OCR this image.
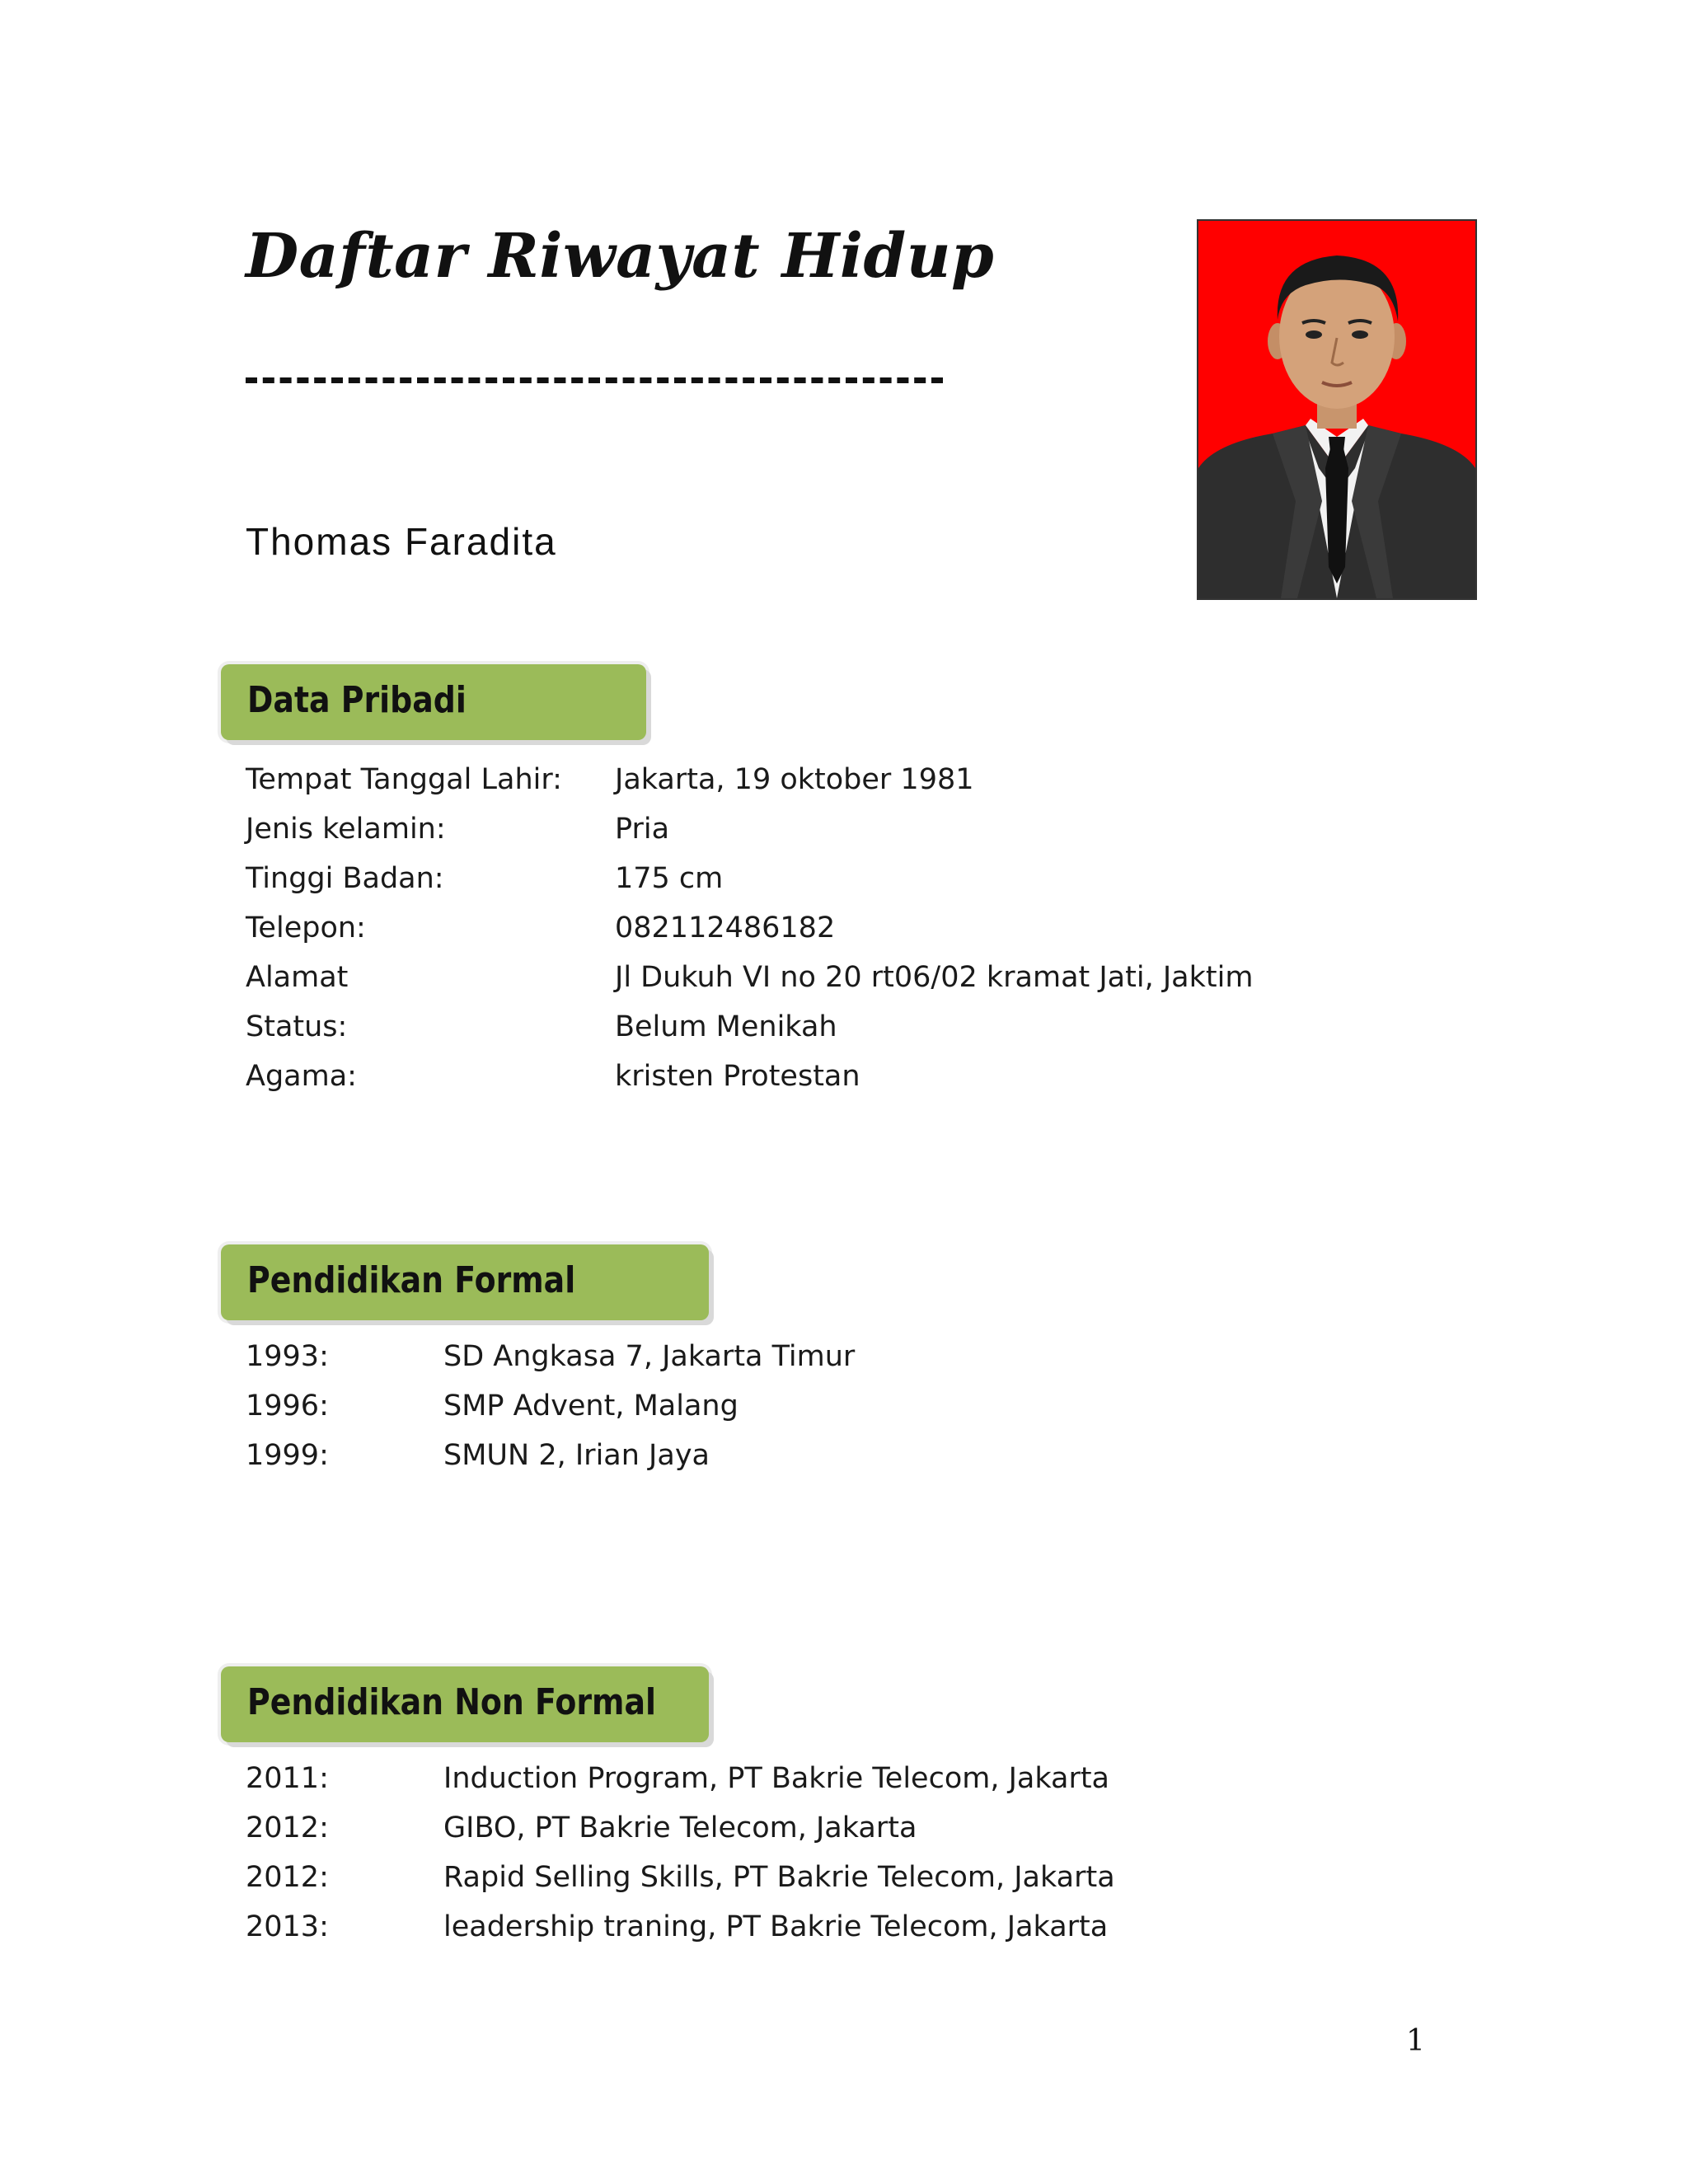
Daftar Riwayat Hidup
Thomas Faradita
Data Pribadi
Tempat Tanggal Lahir: Jakarta, 19 oktober 1981
Jenis kelamin:	Pria
Tinggi Badan:	175 cm
Telepon:	082112486182
Alamat	Jl Dukuh VI no 20 rt06/02 kramat Jati, Jaktim
Status:	Belum Menikah
Agama:	kristen Protestan
Pendidikan Formal
1993:	SD Angkasa 7, Jakarta Timur
1996:	SMP Advent, Malang
1999:	SMUN 2, Irian Jaya
Pendidikan Non Formal
2011:	Induction Program, PT Bakrie Telecom, Jakarta
2012:	GIBO, PT Bakrie Telecom, Jakarta
2012:	Rapid Selling Skills, PT Bakrie Telecom, Jakarta
2013:	leadership traning, PT Bakrie Telecom, Jakarta
1
